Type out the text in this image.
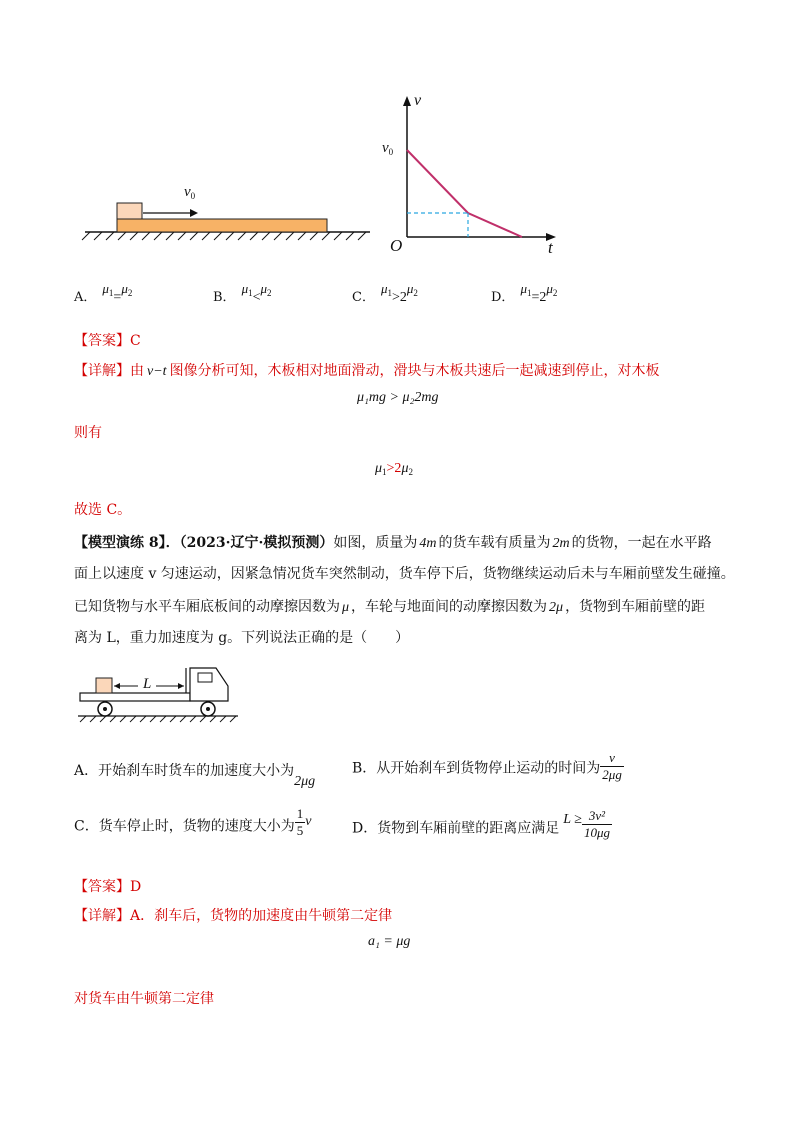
$v_0$
v
$v_0$
O	t
A．$\mu_1=\mu_2$	B．$\mu_1<\mu_2$	C．$\mu_1>2\mu_2$	D．$\mu_1=2\mu_2$
【答案】C
【详解】由 v−t 图像分析可知，木板相对地面滑动，滑块与木板共速后一起减速到停止，对木板
μ₁mg > μ₂2mg
则有
$\mu_1>2\mu_2$
故选 C。
【模型演练 8】．（2023·辽宁·模拟预测）如图，质量为 4m 的货车载有质量为 2m 的货物，一起在水平路
面上以速度 v 匀速运动，因紧急情况货车突然制动，货车停下后，货物继续运动后未与车厢前壁发生碰撞。
已知货物与水平车厢底板间的动摩擦因数为 μ ，车轮与地面间的动摩擦因数为 2μ ，货物到车厢前壁的距
离为 L，重力加速度为 g。下列说法正确的是（　　）
L
A．开始刹车时货车的加速度大小为2μg
B．从开始刹车到货物停止运动的时间为 $\frac{v}{2\mu g}$
C．货车停止时，货物的速度大小为 $\frac{1}{5}$ v	D．货物到车厢前壁的距离应满足$L \ge \frac{\text{3v²}}{10\mu g}$
【答案】D
【详解】A．刹车后，货物的加速度由牛顿第二定律
a₁ = μg
对货车由牛顿第二定律
